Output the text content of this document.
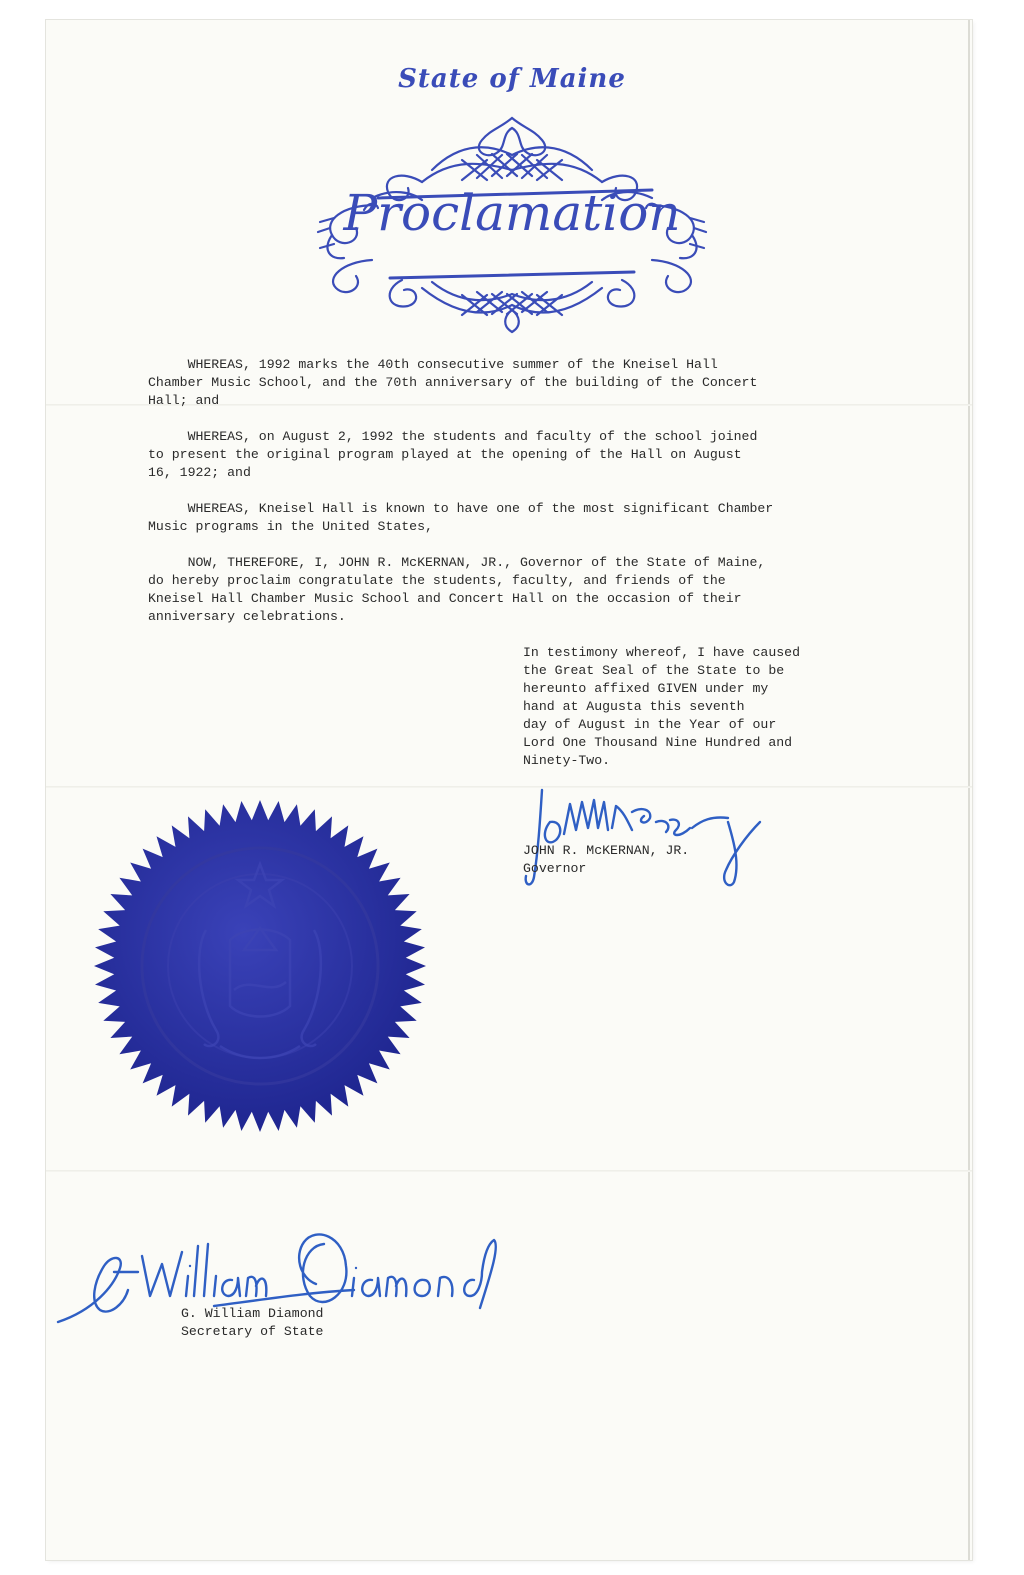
State of Maine
Proclamation

WHEREAS, 1992 marks the 40th consecutive summer of the Kneisel Hall
Chamber Music School, and the 70th anniversary of the building of the Concert
Hall; and

WHEREAS, on August 2, 1992 the students and faculty of the school joined
to present the original program played at the opening of the Hall on August
16, 1922; and

WHEREAS, Kneisel Hall is known to have one of the most significant Chamber
Music programs in the United States,

NOW, THEREFORE, I, JOHN R. McKERNAN, JR., Governor of the State of Maine,
do hereby proclaim congratulate the students, faculty, and friends of the
Kneisel Hall Chamber Music School and Concert Hall on the occasion of their
anniversary celebrations.

In testimony whereof, I have caused
the Great Seal of the State to be
hereunto affixed GIVEN under my
hand at Augusta this seventh
day of August in the Year of our
Lord One Thousand Nine Hundred and
Ninety-Two.

JOHN R. McKERNAN, JR.
Governor
G. William Diamond
Secretary of State
